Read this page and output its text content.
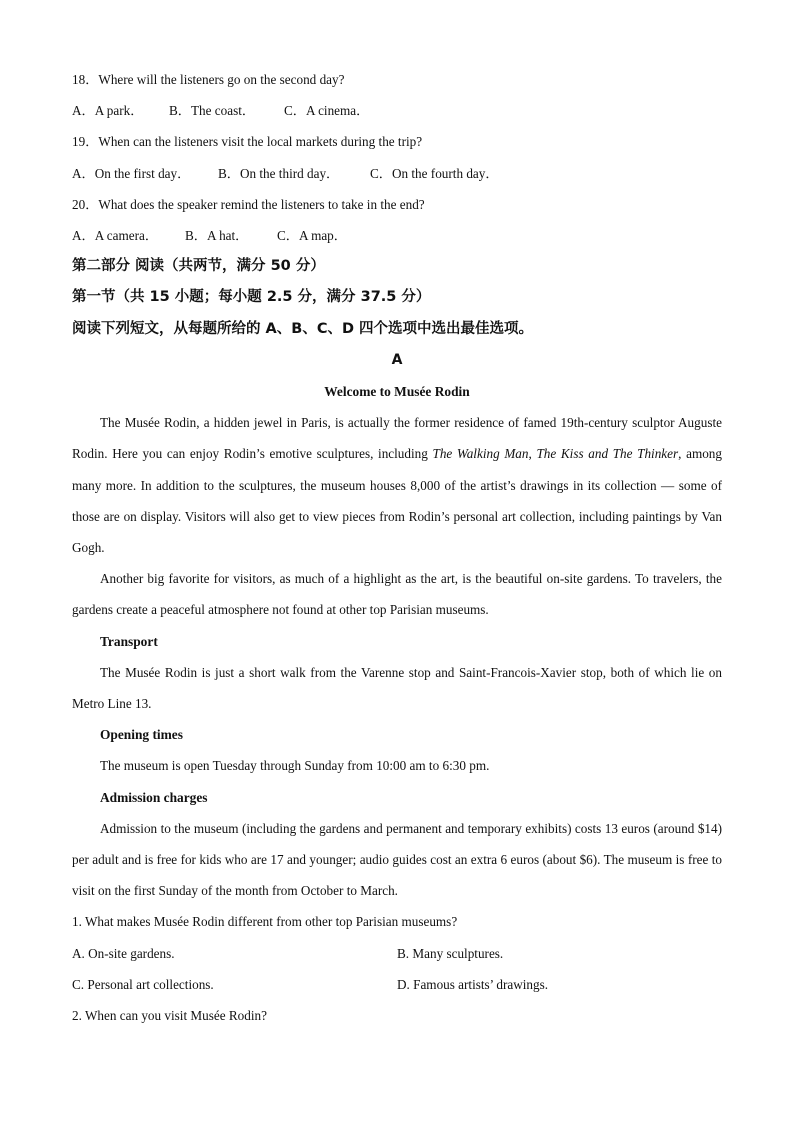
18．Where will the listeners go on the second day?
A．A park． B．The coast． C．A cinema．
19．When can the listeners visit the local markets during the trip?
A．On the first day． B．On the third day． C．On the fourth day．
20．What does the speaker remind the listeners to take in the end?
A．A camera． B．A hat． C．A map．
第二部分 阅读（共两节，满分 50 分）
第一节（共 15 小题；每小题 2.5 分，满分 37.5 分）
阅读下列短文，从每题所给的 A、B、C、D 四个选项中选出最佳选项。
A
Welcome to Musée Rodin

The Musée Rodin, a hidden jewel in Paris, is actually the former residence of famed 19th-century sculptor Auguste Rodin. Here you can enjoy Rodin’s emotive sculptures, including The Walking Man, The Kiss and The Thinker, among many more. In addition to the sculptures, the museum houses 8,000 of the artist’s drawings in its collection — some of those are on display. Visitors will also get to view pieces from Rodin’s personal art collection, including paintings by Van Gogh.

Another big favorite for visitors, as much of a highlight as the art, is the beautiful on-site gardens. To travelers, the gardens create a peaceful atmosphere not found at other top Parisian museums.

Transport

The Musée Rodin is just a short walk from the Varenne stop and Saint-Francois-Xavier stop, both of which lie on Metro Line 13.

Opening times

The museum is open Tuesday through Sunday from 10:00 am to 6:30 pm.

Admission charges

Admission to the museum (including the gardens and permanent and temporary exhibits) costs 13 euros (around $14) per adult and is free for kids who are 17 and younger; audio guides cost an extra 6 euros (about $6). The museum is free to visit on the first Sunday of the month from October to March.

1. What makes Musée Rodin different from other top Parisian museums?
A. On-site gardens.	B. Many sculptures.
C. Personal art collections.	D. Famous artists’ drawings.
2. When can you visit Musée Rodin?
